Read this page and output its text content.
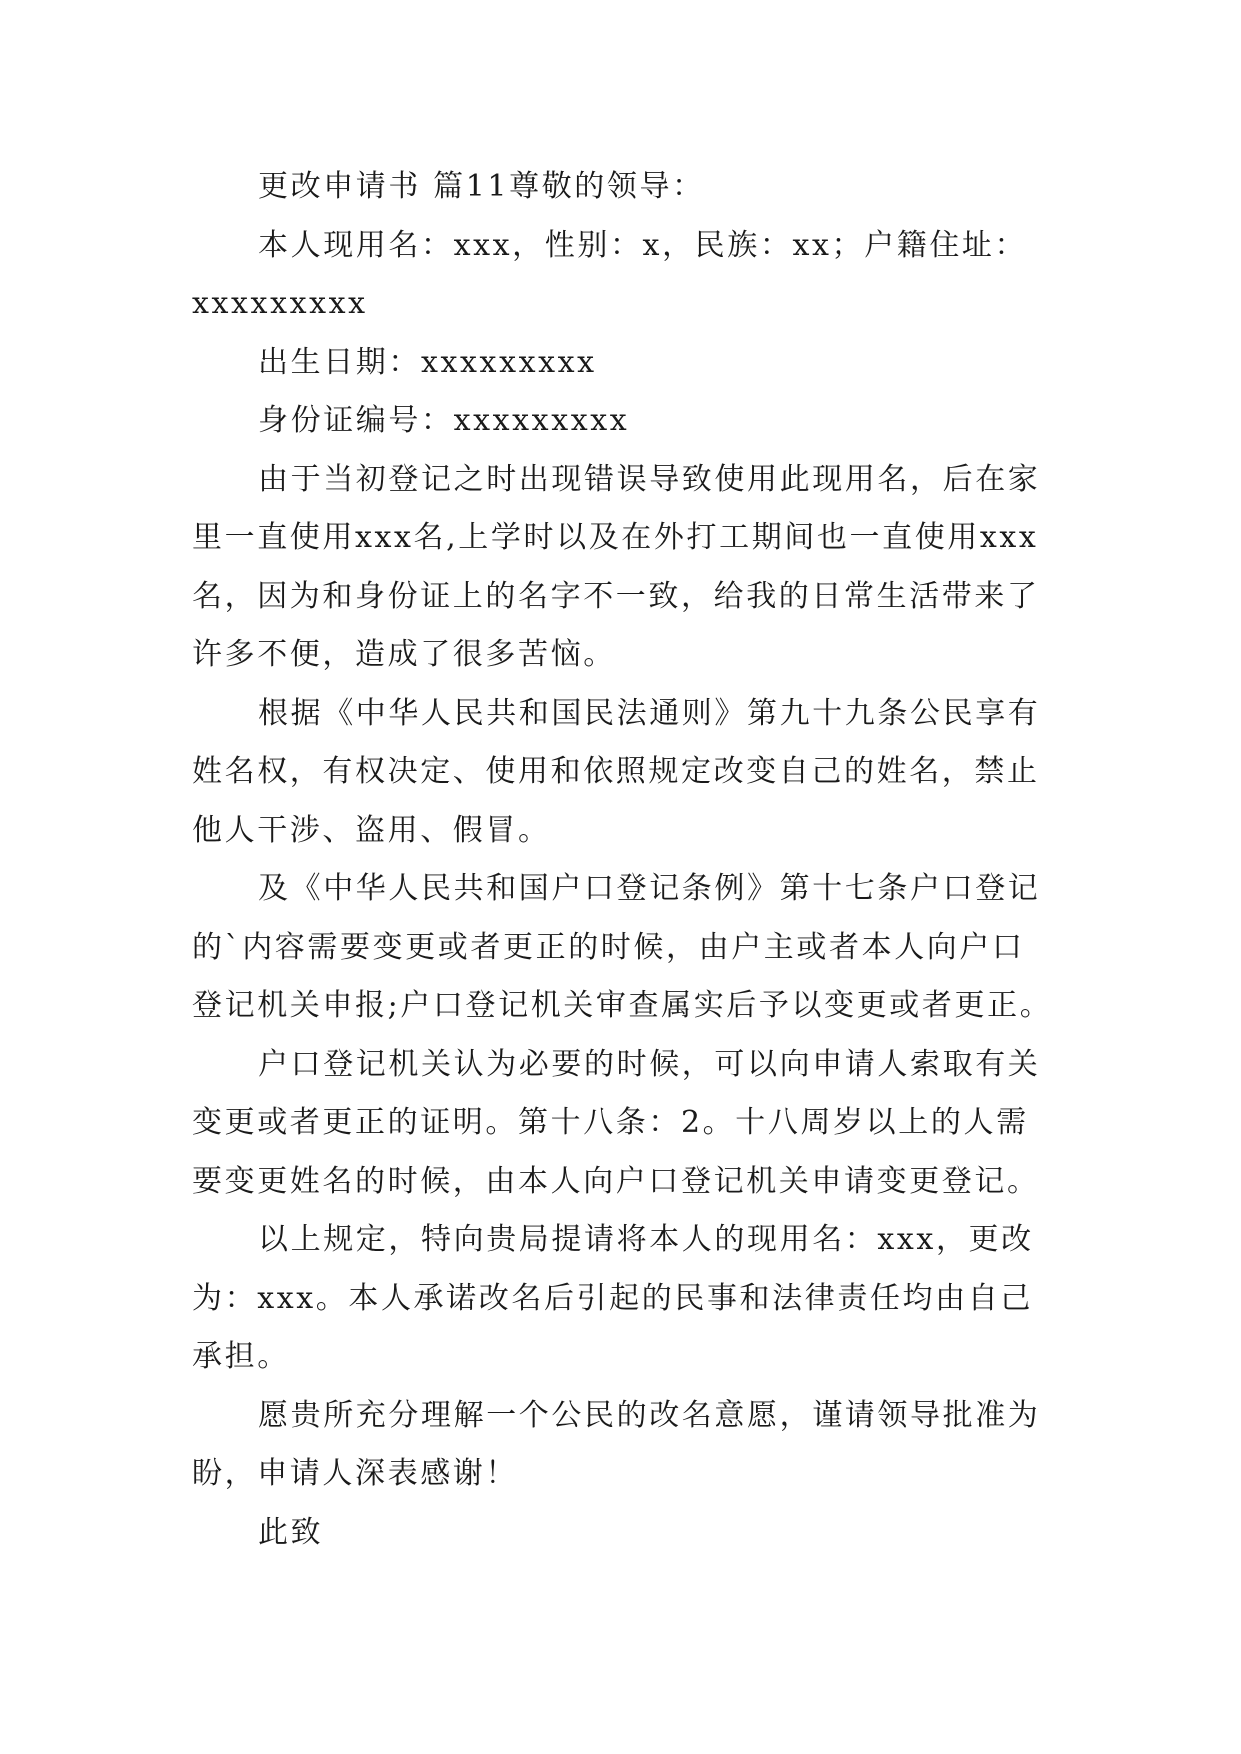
更改申请书 篇11尊敬的领导：
本人现用名：xxx，性别：x，民族：xx；户籍住址：
xxxxxxxxx
出生日期：xxxxxxxxx
身份证编号：xxxxxxxxx
由于当初登记之时出现错误导致使用此现用名，后在家
里一直使用xxx名,上学时以及在外打工期间也一直使用xxx
名，因为和身份证上的名字不一致，给我的日常生活带来了
许多不便，造成了很多苦恼。
根据《中华人民共和国民法通则》第九十九条公民享有
姓名权，有权决定、使用和依照规定改变自己的姓名，禁止
他人干涉、盗用、假冒。
及《中华人民共和国户口登记条例》第十七条户口登记
的`内容需要变更或者更正的时候，由户主或者本人向户口
登记机关申报;户口登记机关审查属实后予以变更或者更正。
户口登记机关认为必要的时候，可以向申请人索取有关
变更或者更正的证明。第十八条：2。十八周岁以上的人需
要变更姓名的时候，由本人向户口登记机关申请变更登记。
以上规定，特向贵局提请将本人的现用名：xxx，更改
为：xxx。本人承诺改名后引起的民事和法律责任均由自己
承担。
愿贵所充分理解一个公民的改名意愿，谨请领导批准为
盼，申请人深表感谢！
此致
